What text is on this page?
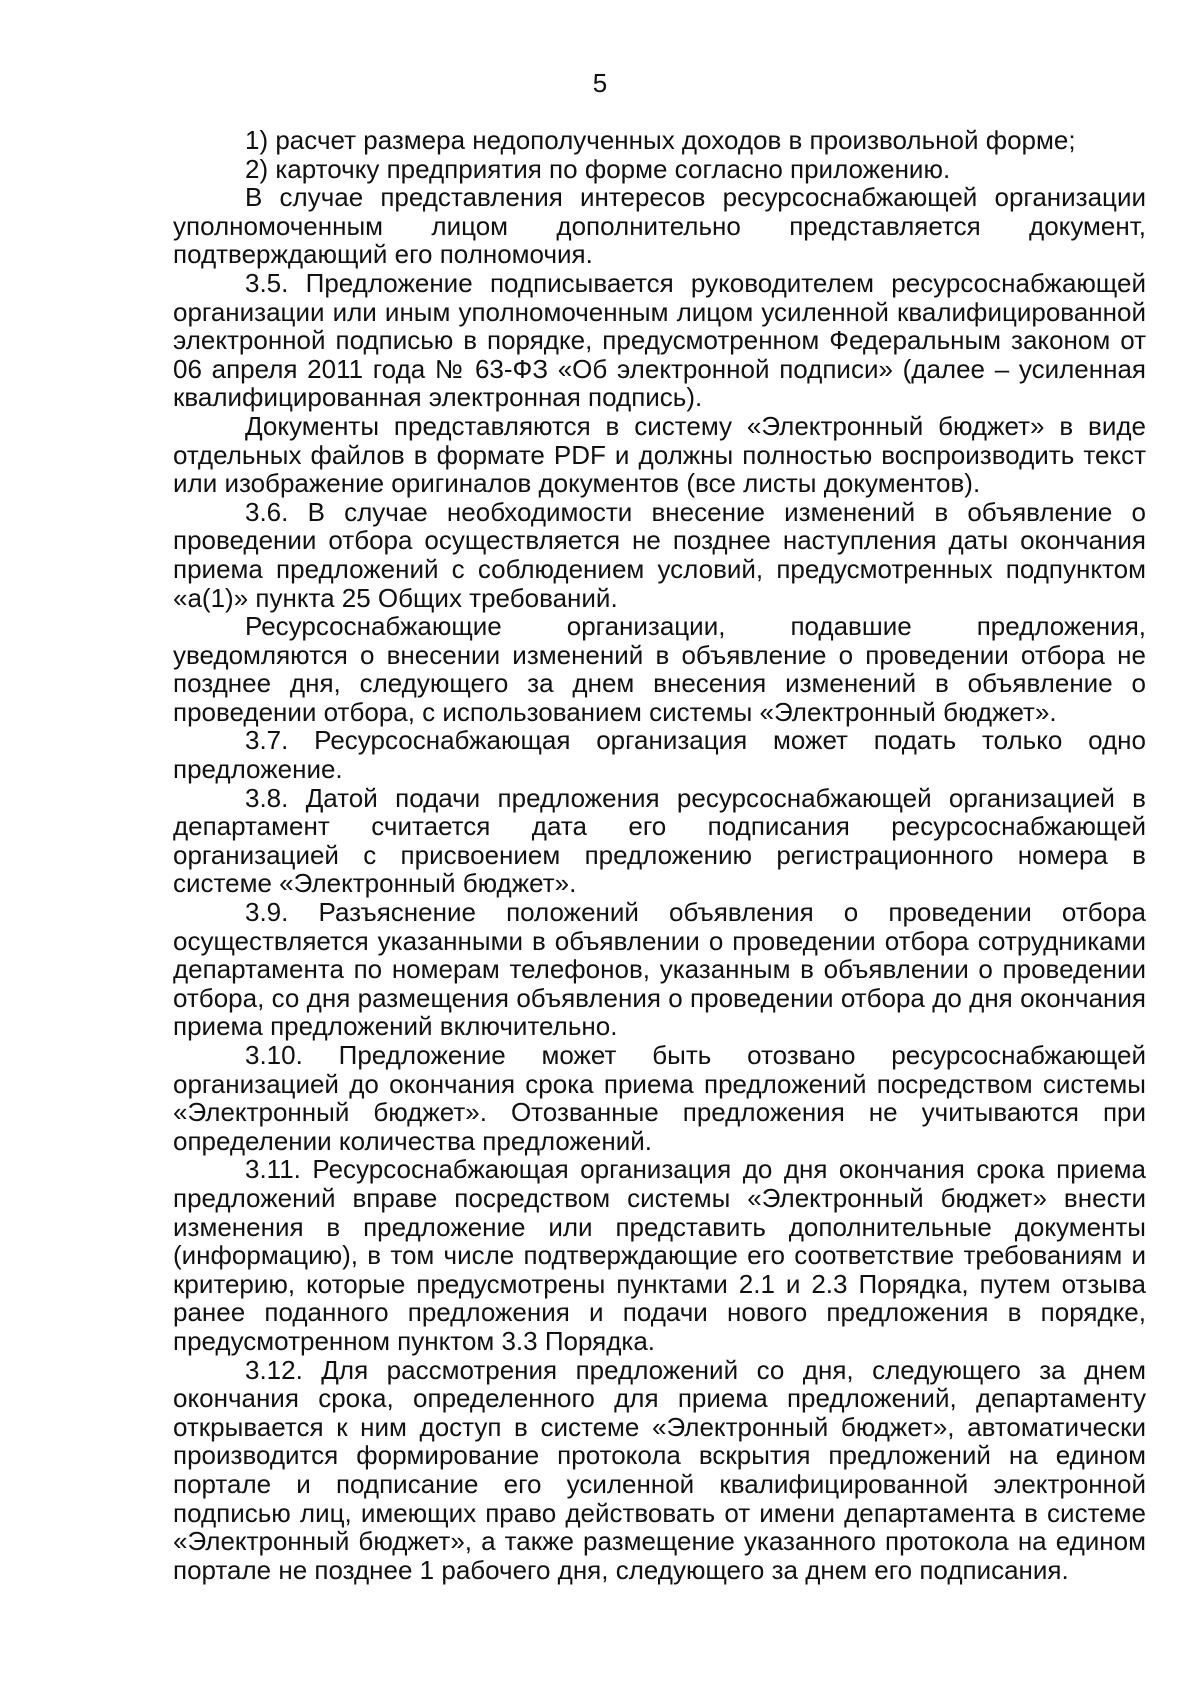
5

1) расчет размера недополученных доходов в произвольной форме;

2) карточку предприятия по форме согласно приложению.

В случае представления интересов ресурсоснабжающей организации уполномоченным лицом дополнительно представляется документ, подтверждающий его полномочия.

3.5. Предложение подписывается руководителем ресурсоснабжающей организации или иным уполномоченным лицом усиленной квалифицированной электронной подписью в порядке, предусмотренном Федеральным законом от 06 апреля 2011 года № 63-ФЗ «Об электронной подписи» (далее – усиленная квалифицированная электронная подпись).

Документы представляются в систему «Электронный бюджет» в виде отдельных файлов в формате PDF и должны полностью воспроизводить текст или изображение оригиналов документов (все листы документов).

3.6. В случае необходимости внесение изменений в объявление о проведении отбора осуществляется не позднее наступления даты окончания приема предложений с соблюдением условий, предусмотренных подпунктом «а(1)» пункта 25 Общих требований.

Ресурсоснабжающие организации, подавшие предложения, уведомляются о внесении изменений в объявление о проведении отбора не позднее дня, следующего за днем внесения изменений в объявление о проведении отбора, с использованием системы «Электронный бюджет».

3.7. Ресурсоснабжающая организация может подать только одно предложение.

3.8. Датой подачи предложения ресурсоснабжающей организацией в департамент считается дата его подписания ресурсоснабжающей организацией с присвоением предложению регистрационного номера в системе «Электронный бюджет».

3.9. Разъяснение положений объявления о проведении отбора осуществляется указанными в объявлении о проведении отбора сотрудниками департамента по номерам телефонов, указанным в объявлении о проведении отбора, со дня размещения объявления о проведении отбора до дня окончания приема предложений включительно.

3.10. Предложение может быть отозвано ресурсоснабжающей организацией до окончания срока приема предложений посредством системы «Электронный бюджет». Отозванные предложения не учитываются при определении количества предложений.

3.11. Ресурсоснабжающая организация до дня окончания срока приема предложений вправе посредством системы «Электронный бюджет» внести изменения в предложение или представить дополнительные документы (информацию), в том числе подтверждающие его соответствие требованиям и критерию, которые предусмотрены пунктами 2.1 и 2.3 Порядка, путем отзыва ранее поданного предложения и подачи нового предложения в порядке, предусмотренном пунктом 3.3 Порядка.

3.12. Для рассмотрения предложений со дня, следующего за днем окончания срока, определенного для приема предложений, департаменту открывается к ним доступ в системе «Электронный бюджет», автоматически производится формирование протокола вскрытия предложений на едином портале и подписание его усиленной квалифицированной электронной подписью лиц, имеющих право действовать от имени департамента в системе «Электронный бюджет», а также размещение указанного протокола на едином портале не позднее 1 рабочего дня, следующего за днем его подписания.
